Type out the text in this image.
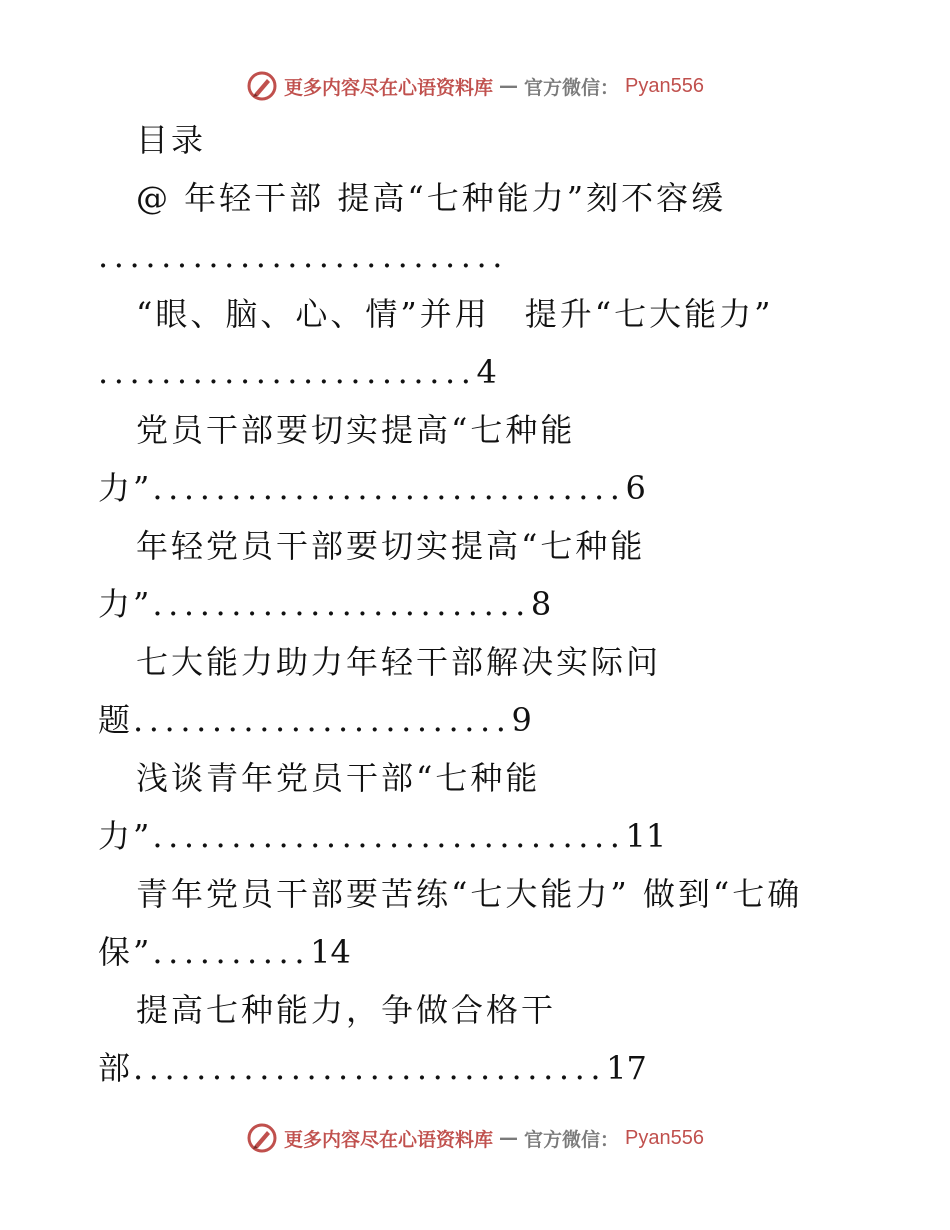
更多内容尽在心语资料库 — 官方微信： Pyan556
目录
@ 年轻干部 提高“七种能力”刻不容缓
..........................
“眼、脑、心、情”并用　提升“七大能力”
........................4
党员干部要切实提高“七种能
力”..............................6
年轻党员干部要切实提高“七种能
力”........................8
七大能力助力年轻干部解决实际问
题........................9
浅谈青年党员干部“七种能
力”..............................11
青年党员干部要苦练“七大能力” 做到“七确
保”..........14
提高七种能力，争做合格干
部..............................17
更多内容尽在心语资料库 — 官方微信： Pyan556
